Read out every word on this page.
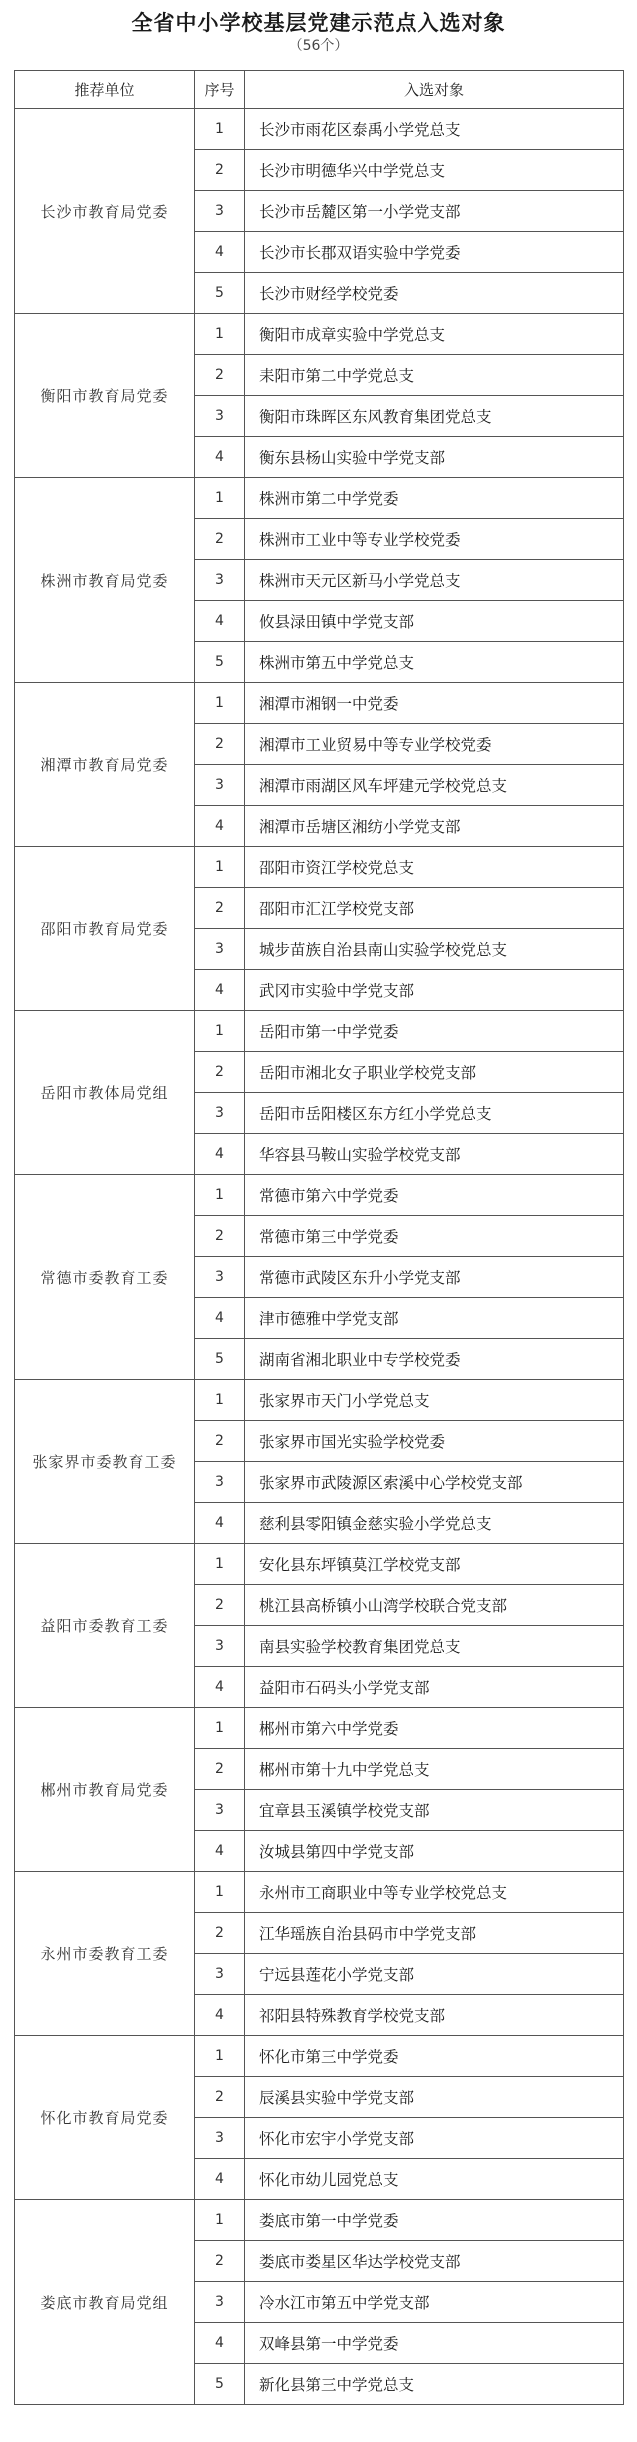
全省中小学校基层党建示范点入选对象
（56个）
推荐单位	序号	入选对象
长沙市教育局党委	1	长沙市雨花区泰禹小学党总支
	2	长沙市明德华兴中学党总支
	3	长沙市岳麓区第一小学党支部
	4	长沙市长郡双语实验中学党委
	5	长沙市财经学校党委
衡阳市教育局党委	1	衡阳市成章实验中学党总支
	2	耒阳市第二中学党总支
	3	衡阳市珠晖区东风教育集团党总支
	4	衡东县杨山实验中学党支部
株洲市教育局党委	1	株洲市第二中学党委
	2	株洲市工业中等专业学校党委
	3	株洲市天元区新马小学党总支
	4	攸县渌田镇中学党支部
	5	株洲市第五中学党总支
湘潭市教育局党委	1	湘潭市湘钢一中党委
	2	湘潭市工业贸易中等专业学校党委
	3	湘潭市雨湖区风车坪建元学校党总支
	4	湘潭市岳塘区湘纺小学党支部
邵阳市教育局党委	1	邵阳市资江学校党总支
	2	邵阳市汇江学校党支部
	3	城步苗族自治县南山实验学校党总支
	4	武冈市实验中学党支部
岳阳市教体局党组	1	岳阳市第一中学党委
	2	岳阳市湘北女子职业学校党支部
	3	岳阳市岳阳楼区东方红小学党总支
	4	华容县马鞍山实验学校党支部
常德市委教育工委	1	常德市第六中学党委
	2	常德市第三中学党委
	3	常德市武陵区东升小学党支部
	4	津市德雅中学党支部
	5	湖南省湘北职业中专学校党委
张家界市委教育工委	1	张家界市天门小学党总支
	2	张家界市国光实验学校党委
	3	张家界市武陵源区索溪中心学校党支部
	4	慈利县零阳镇金慈实验小学党总支
益阳市委教育工委	1	安化县东坪镇莫江学校党支部
	2	桃江县高桥镇小山湾学校联合党支部
	3	南县实验学校教育集团党总支
	4	益阳市石码头小学党支部
郴州市教育局党委	1	郴州市第六中学党委
	2	郴州市第十九中学党总支
	3	宜章县玉溪镇学校党支部
	4	汝城县第四中学党支部
永州市委教育工委	1	永州市工商职业中等专业学校党总支
	2	江华瑶族自治县码市中学党支部
	3	宁远县莲花小学党支部
	4	祁阳县特殊教育学校党支部
怀化市教育局党委	1	怀化市第三中学党委
	2	辰溪县实验中学党支部
	3	怀化市宏宇小学党支部
	4	怀化市幼儿园党总支
娄底市教育局党组	1	娄底市第一中学党委
	2	娄底市娄星区华达学校党支部
	3	冷水江市第五中学党支部
	4	双峰县第一中学党委
	5	新化县第三中学党总支
